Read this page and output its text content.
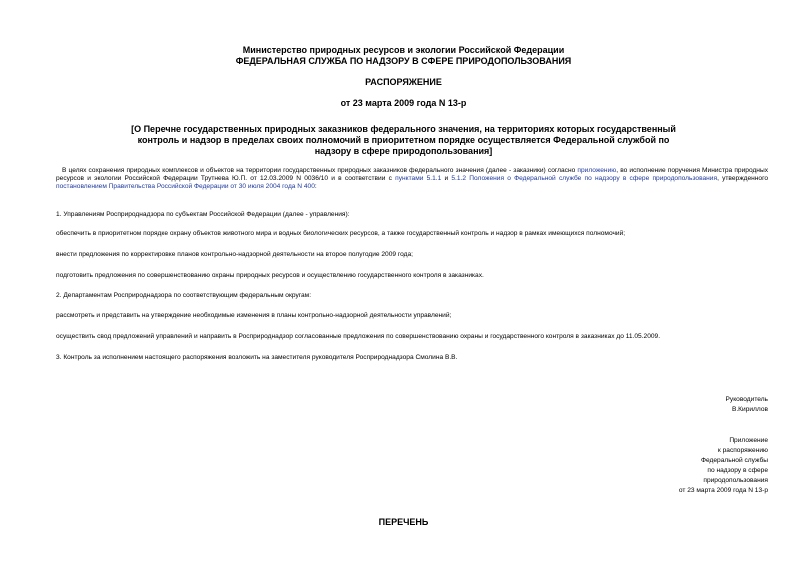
Министерство природных ресурсов и экологии Российской Федерации
ФЕДЕРАЛЬНАЯ СЛУЖБА ПО НАДЗОРУ В СФЕРЕ ПРИРОДОПОЛЬЗОВАНИЯ
РАСПОРЯЖЕНИЕ
от 23 марта 2009 года N 13-р
[О Перечне государственных природных заказников федерального значения, на территориях которых государственный контроль и надзор в пределах своих полномочий в приоритетном порядке осуществляется Федеральной службой по надзору в сфере природопользования]
В целях сохранения природных комплексов и объектов на территории государственных природных заказников федерального значения (далее - заказники) согласно приложению, во исполнение поручения Министра природных ресурсов и экологии Российской Федерации Трутнева Ю.П. от 12.03.2009 N 0036/10 и в соответствии с пунктами 5.1.1 и 5.1.2 Положения о Федеральной службе по надзору в сфере природопользования, утвержденного постановлением Правительства Российской Федерации от 30 июля 2004 года N 400:
1. Управлениям Росприроднадзора по субъектам Российской Федерации (далее - управления):
обеспечить в приоритетном порядке охрану объектов животного мира и водных биологических ресурсов, а также государственный контроль и надзор в рамках имеющихся полномочий;
внести предложения по корректировке планов контрольно-надзорной деятельности на второе полугодие 2009 года;
подготовить предложения по совершенствованию охраны природных ресурсов и осуществлению государственного контроля в заказниках.
2. Департаментам Росприроднадзора по соответствующим федеральным округам:
рассмотреть и представить на утверждение необходимые изменения в планы контрольно-надзорной деятельности управлений;
осуществить свод предложений управлений и направить в Росприроднадзор согласованные предложения по совершенствованию охраны и государственного контроля в заказниках до 11.05.2009.
3. Контроль за исполнением настоящего распоряжения возложить на заместителя руководителя Росприроднадзора Смолина В.В.
Руководитель
В.Кириллов
Приложение
к распоряжению
Федеральной службы
по надзору в сфере
природопользования
от 23 марта 2009 года N 13-р
ПЕРЕЧЕНЬ
